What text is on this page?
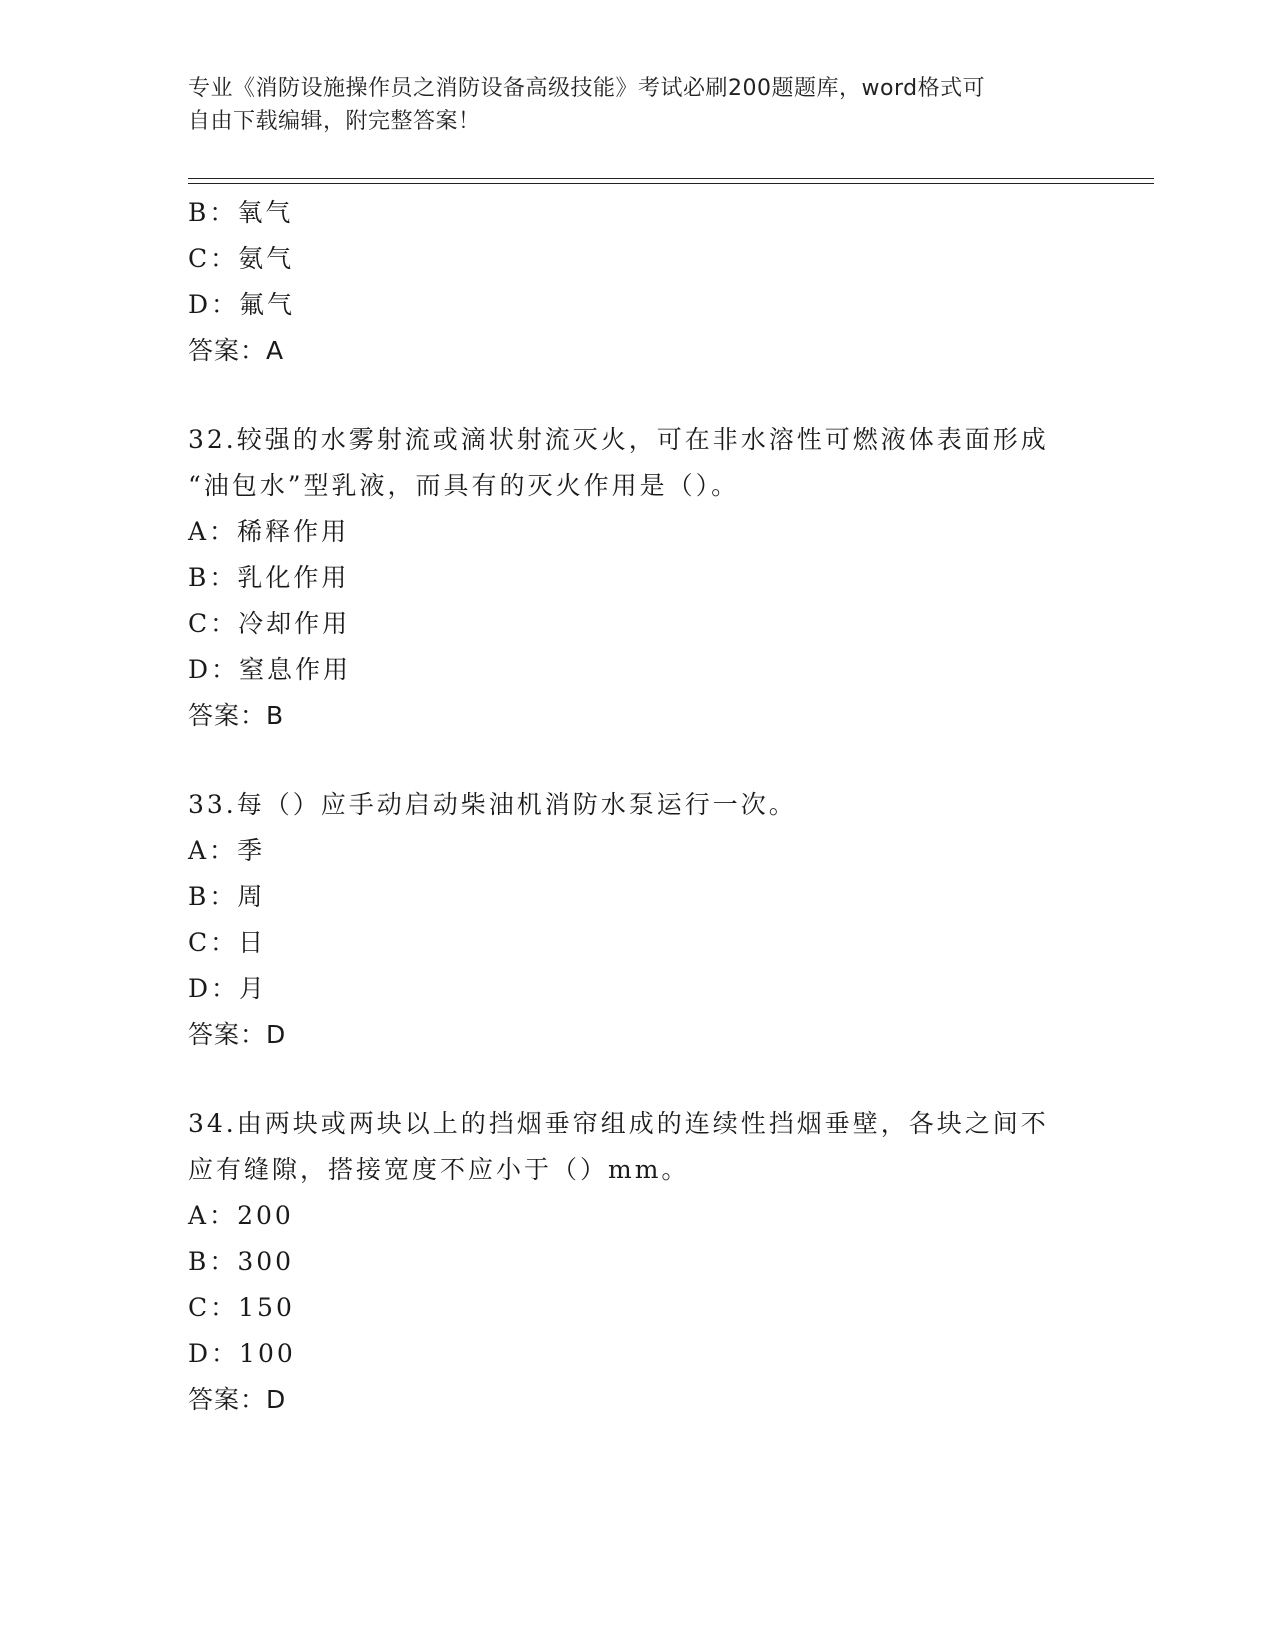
专业《消防设施操作员之消防设备高级技能》考试必刷200题题库，word格式可
自由下载编辑，附完整答案！
B：氧气
C：氨气
D：氟气
答案：A
32.较强的水雾射流或滴状射流灭火，可在非水溶性可燃液体表面形成
“油包水”型乳液，而具有的灭火作用是（）。
A：稀释作用
B：乳化作用
C：冷却作用
D：窒息作用
答案：B
33.每（）应手动启动柴油机消防水泵运行一次。
A：季
B：周
C：日
D：月
答案：D
34.由两块或两块以上的挡烟垂帘组成的连续性挡烟垂壁，各块之间不
应有缝隙，搭接宽度不应小于（）mm。
A：200
B：300
C：150
D：100
答案：D
